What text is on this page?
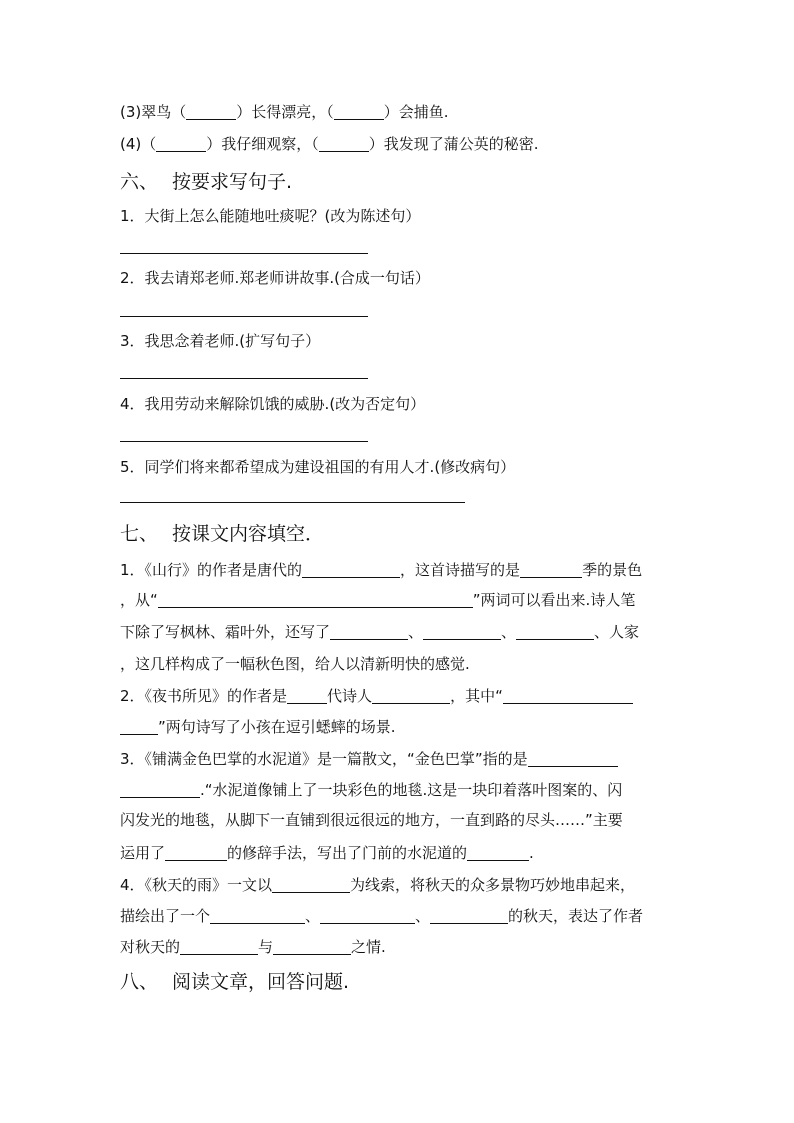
(3)翠鸟（	）长得漂亮，（	）会捕鱼.
(4)（	）我仔细观察，（	）我发现了蒲公英的秘密.
六、 按要求写句子.
1．大街上怎么能随地吐痰呢？(改为陈述句）
2．我去请郑老师.郑老师讲故事.(合成一句话）
3．我思念着老师.(扩写句子）
4．我用劳动来解除饥饿的威胁.(改为否定句）
5．同学们将来都希望成为建设祖国的有用人才.(修改病句）
七、 按课文内容填空．
1．《山行》的作者是唐代的	，这首诗描写的是	季的景色
，从“	”两词可以看出来.诗人笔
下除了写枫林、霜叶外，还写了	、	、	、人家
，这几样构成了一幅秋色图，给人以清新明快的感觉.
2．《夜书所见》的作者是	代诗人	，其中“
”两句诗写了小孩在逗引蟋蟀的场景.
3．《铺满金色巴掌的水泥道》是一篇散文，“金色巴掌”指的是
.“水泥道像铺上了一块彩色的地毯.这是一块印着落叶图案的、闪
闪发光的地毯，从脚下一直铺到很远很远的地方，一直到路的尽头……”主要
运用了	的修辞手法，写出了门前的水泥道的	.
4．《秋天的雨》一文以	为线索，将秋天的众多景物巧妙地串起来，
描绘出了一个	、	、	的秋天，表达了作者
对秋天的	与	之情.
八、 阅读文章，回答问题.
